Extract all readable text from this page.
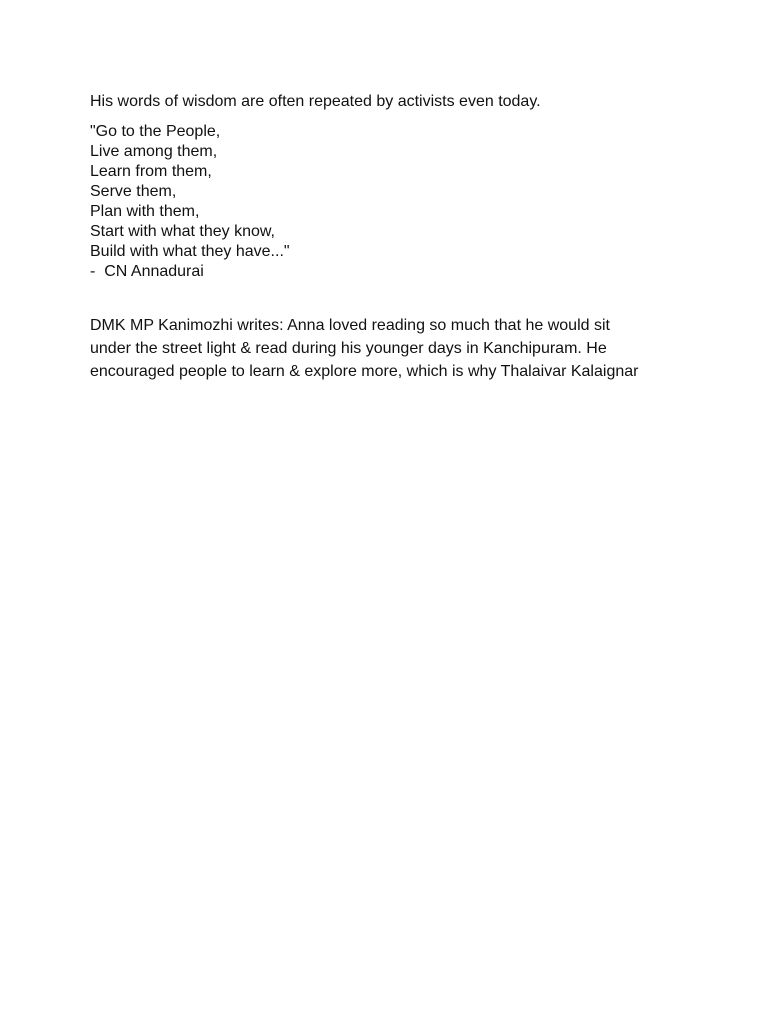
His words of wisdom are often repeated by activists even today.

"Go to the People,
Live among them,
Learn from them,
Serve them,
Plan with them,
Start with what they know,
Build with what they have..."
-  CN Annadurai
DMK MP Kanimozhi writes: Anna loved reading so much that he would sit
under the street light & read during his younger days in Kanchipuram. He
encouraged people to learn & explore more, which is why Thalaivar Kalaignar
